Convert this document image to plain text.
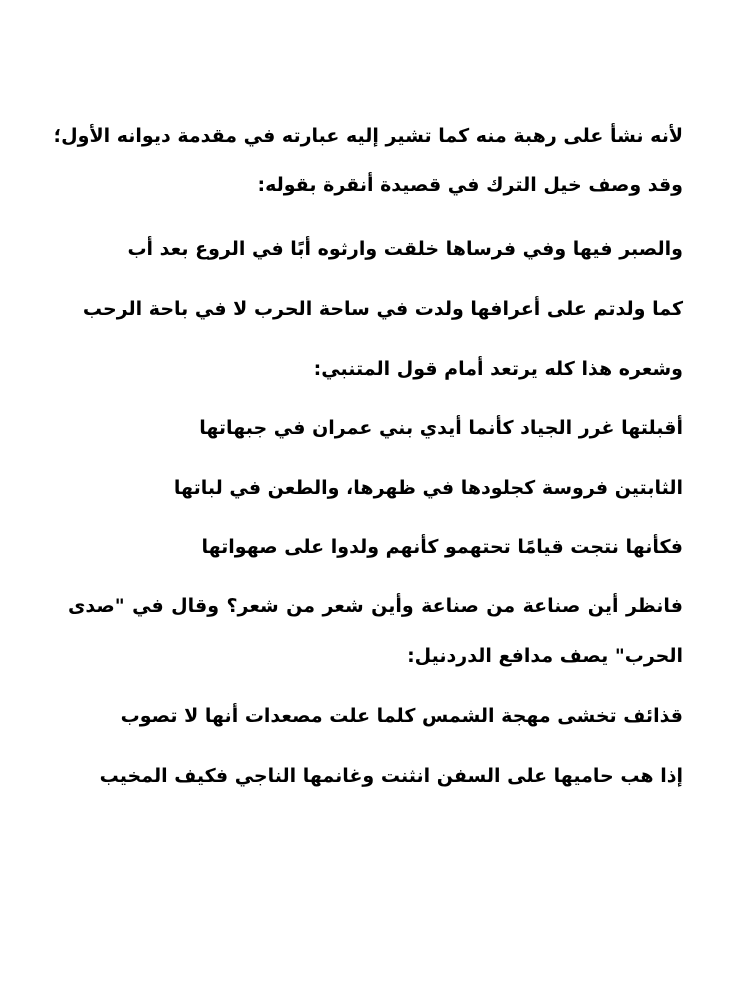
لأنه نشأ على رهبة منه كما تشير إليه عبارته في مقدمة ديوانه الأول؛
وقد وصف خيل الترك في قصيدة أنقرة بقوله:
والصبر فيها وفي فرساها خلقت وارثوه أبًا في الروع بعد أب
كما ولدتم على أعرافها ولدت في ساحة الحرب لا في باحة الرحب
وشعره هذا كله يرتعد أمام قول المتنبي:
أقبلتها غرر الجياد كأنما أيدي بني عمران في جبهاتها
الثابتين فروسة كجلودها في ظهرها، والطعن في لباتها
فكأنها نتجت قيامًا تحتهمو كأنهم ولدوا على صهواتها
فانظر أين صناعة من صناعة وأين شعر من شعر؟ وقال في "صدى
الحرب" يصف مدافع الدردنيل:
قذائف تخشى مهجة الشمس كلما علت مصعدات أنها لا تصوب
إذا هب حاميها على السفن انثنت وغانمها الناجي فكيف المخيب
